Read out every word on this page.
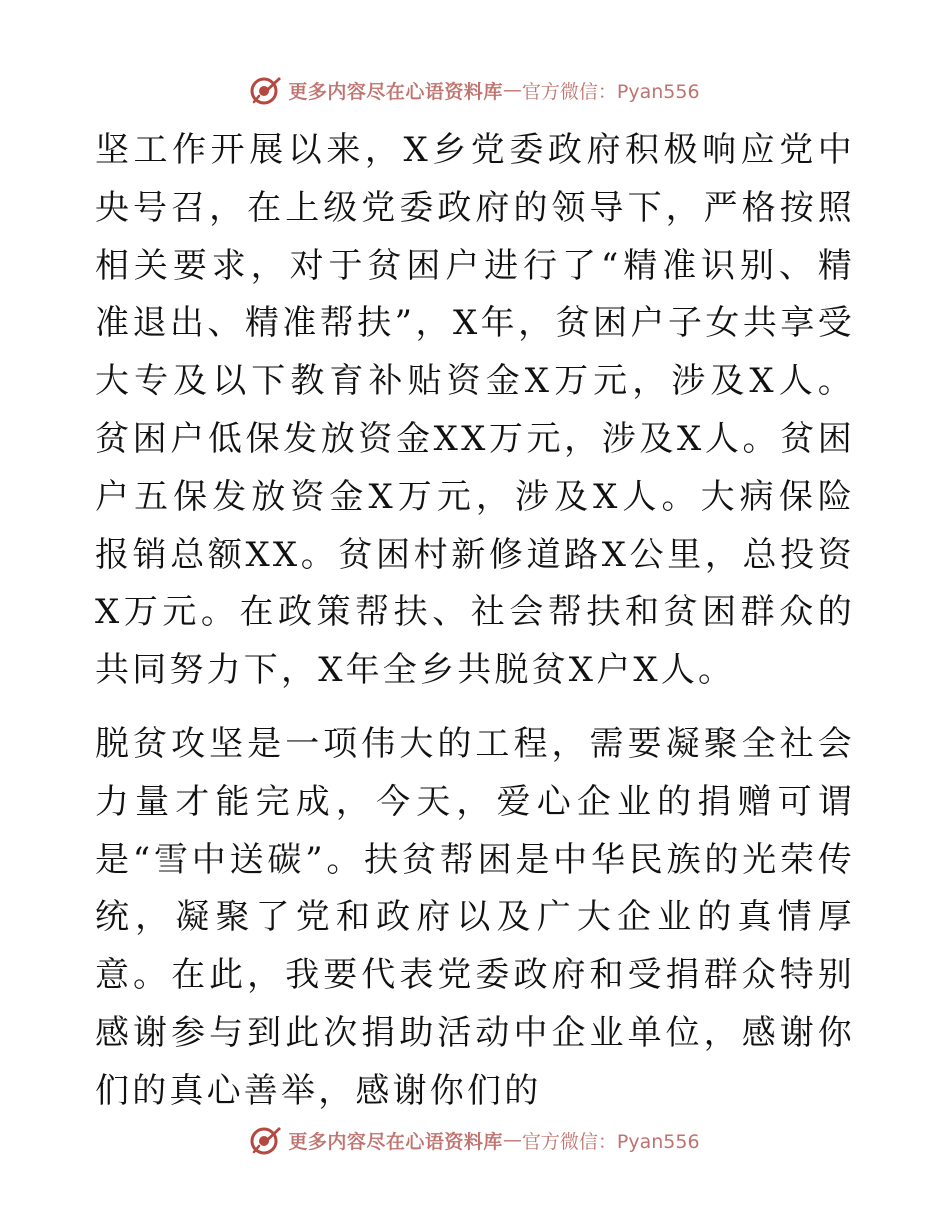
更多内容尽在心语资料库 — 官方微信：Pyan556

坚工作开展以来，X乡党委政府积极响应党中央号召，在上级党委政府的领导下，严格按照相关要求，对于贫困户进行了“精准识别、精准退出、精准帮扶”，X年，贫困户子女共享受大专及以下教育补贴资金X万元，涉及X人。贫困户低保发放资金XX万元，涉及X人。贫困户五保发放资金X万元，涉及X人。大病保险报销总额XX。贫困村新修道路X公里，总投资X万元。在政策帮扶、社会帮扶和贫困群众的共同努力下，X年全乡共脱贫X户X人。

脱贫攻坚是一项伟大的工程，需要凝聚全社会力量才能完成，今天，爱心企业的捐赠可谓是“雪中送碳”。扶贫帮困是中华民族的光荣传统，凝聚了党和政府以及广大企业的真情厚意。在此，我要代表党委政府和受捐群众特别感谢参与到此次捐助活动中企业单位，感谢你们的真心善举，感谢你们的

更多内容尽在心语资料库 — 官方微信：Pyan556
